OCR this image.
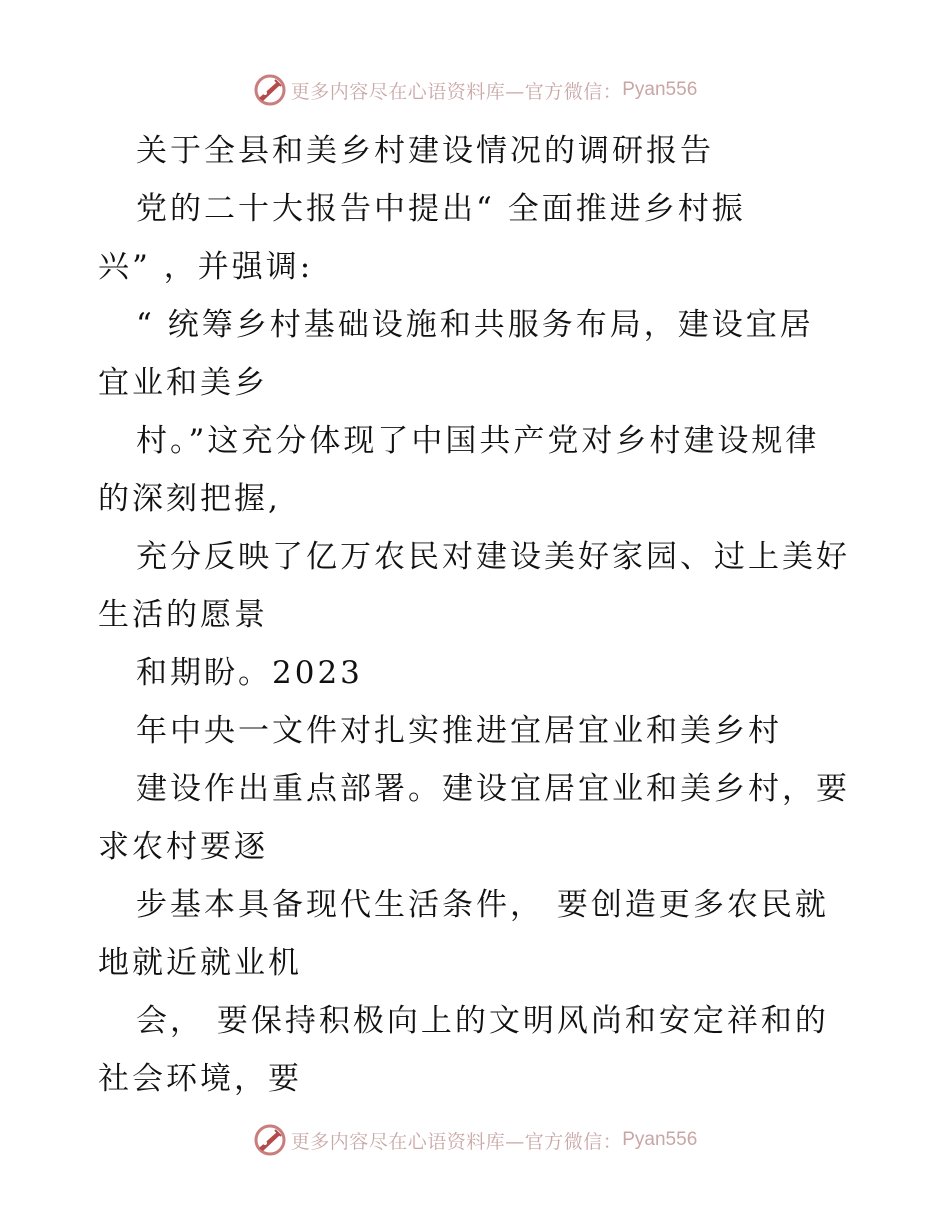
更多内容尽在心语资料库—官方微信： Pyan556
关于全县和美乡村建设情况的调研报告
党的二十大报告中提出“ 全面推进乡村振
兴” ，并强调:
“ 统筹乡村基础设施和共服务布局，建设宜居
宜业和美乡
村。”这充分体现了中国共产党对乡村建设规律
的深刻把握,
充分反映了亿万农民对建设美好家园、过上美好
生活的愿景
和期盼。2023
年中央一文件对扎实推进宜居宜业和美乡村
建设作出重点部署。建设宜居宜业和美乡村，要
求农村要逐
步基本具备现代生活条件， 要创造更多农民就
地就近就业机
会， 要保持积极向上的文明风尚和安定祥和的
社会环境，要
更多内容尽在心语资料库—官方微信： Pyan556
